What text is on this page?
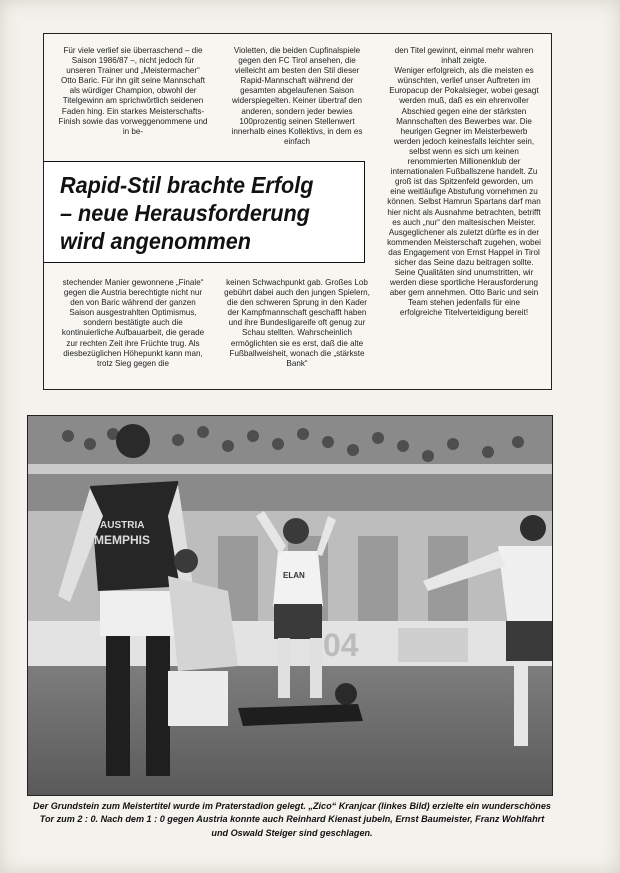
Für viele verlief sie überraschend – die Saison 1986/87 –, nicht jedoch für unseren Trainer und „Meistermacher“ Otto Baric. Für ihn gilt seine Mannschaft als würdiger Champion, obwohl der Titelgewinn am sprichwörtlich seidenen Faden hing. Ein starkes Meisterschafts-Finish sowie das vorweggenommene und in be-
Violetten, die beiden Cupfinalspiele gegen den FC Tirol ansehen, die vielleicht am besten den Stil dieser Rapid-Mannschaft während der gesamten abgelaufenen Saison widerspiegelten. Keiner übertraf den anderen, sondern jeder bewies 100prozentig seinen Stellenwert innerhalb eines Kollektivs, in dem es einfach
den Titel gewinnt, einmal mehr wahren inhalt zeigte.
Weniger erfolgreich, als die meisten es wünschten, verlief unser Auftreten im Europacup der Pokalsieger, wobei gesagt werden muß, daß es ein ehrenvoller Abschied gegen eine der stärksten Mannschaften des Bewerbes war. Die heurigen Gegner im Meisterbewerb werden jedoch keinesfalls leichter sein, selbst wenn es sich um keinen renommierten Millionenklub der internationalen Fußballszene handelt. Zu groß ist das Spitzenfeld geworden, um eine weitläufige Abstufung vornehmen zu können. Selbst Hamrun Spartans darf man hier nicht als Ausnahme betrachten, betrifft es auch „nur“ den maltesischen Meister.
Ausgeglichener als zuletzt dürfte es in der kommenden Meisterschaft zugehen, wobei das Engagement von Ernst Happel in Tirol sicher das Seine dazu beitragen sollte. Seine Qualitäten sind unumstritten, wir werden diese sportliche Herausforderung aber gern annehmen. Otto Baric und sein Team stehen jedenfalls für eine erfolgreiche Titelverteidigung bereit!
Rapid-Stil brachte Erfolg
– neue Herausforderung
wird angenommen
stechender Manier gewonnene „Finale“ gegen die Austria berechtigte nicht nur den von Baric während der ganzen Saison ausgestrahlten Optimismus, sondern bestätigte auch die kontinuierliche Aufbauarbeit, die gerade zur rechten Zeit ihre Früchte trug. Als diesbezüglichen Höhepunkt kann man, trotz Sieg gegen die
keinen Schwachpunkt gab. Großes Lob gebührt dabei auch den jungen Spielern, die den schweren Sprung in den Kader der Kampfmannschaft geschafft haben und ihre Bundesligareife oft genug zur Schau stellten. Wahrscheinlich ermöglichten sie es erst, daß die alte Fußballweisheit, wonach die „stärkste Bank“
04
AUSTRIA
MEMPHIS
ELAN
Der Grundstein zum Meistertitel wurde im Praterstadion gelegt. „Zico“ Kranjcar (linkes Bild) erzielte ein wunderschönes Tor zum 2 : 0. Nach dem 1 : 0 gegen Austria konnte auch Reinhard Kienast jubeln, Ernst Baumeister, Franz Wohlfahrt und Oswald Steiger sind geschlagen.
